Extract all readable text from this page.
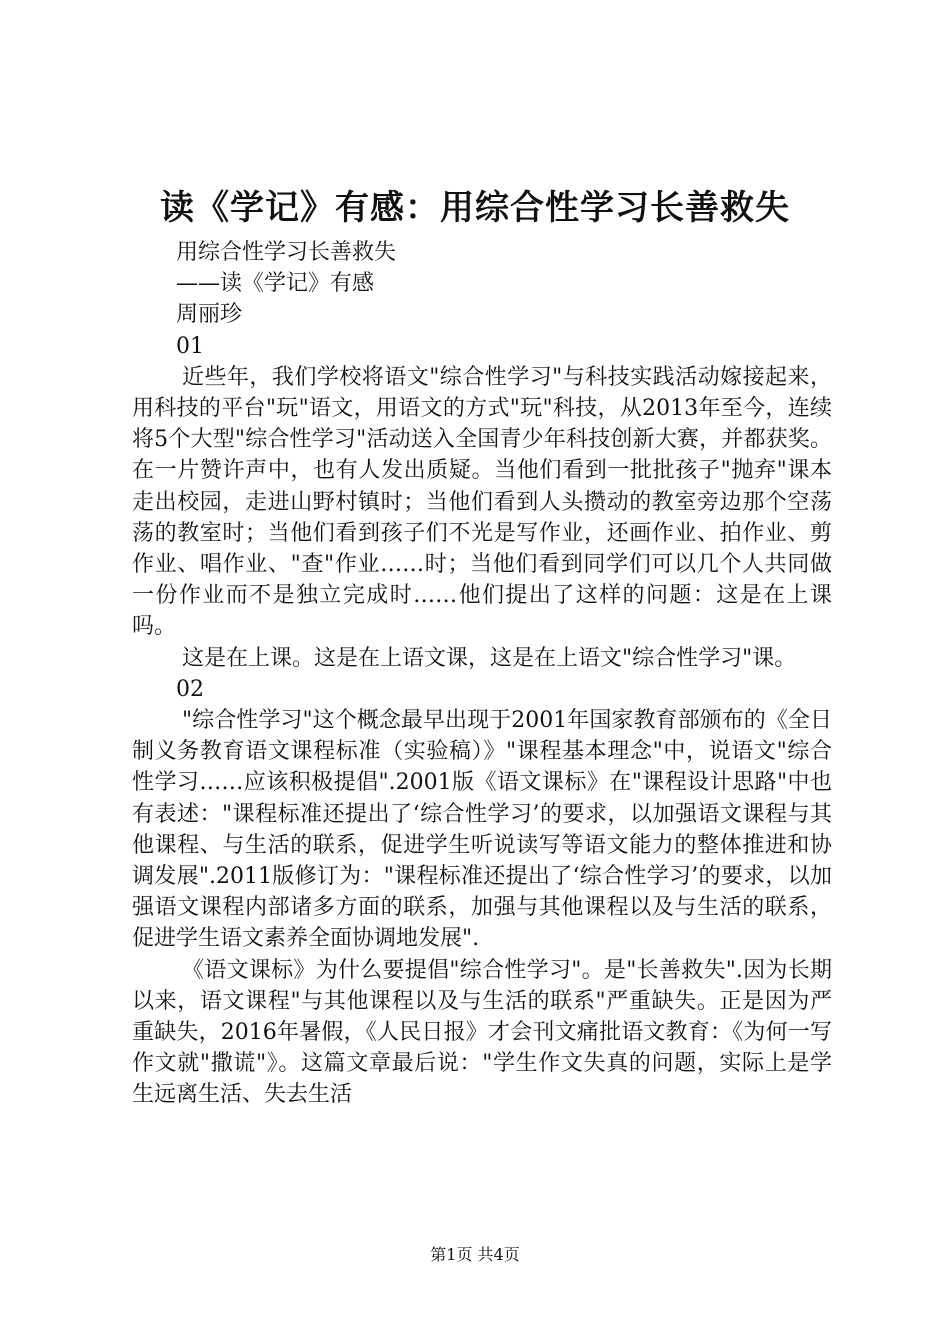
读《学记》有感：用综合性学习长善救失
用综合性学习长善救失
——读《学记》有感
周丽珍
01
近些年，我们学校将语文"综合性学习"与科技实践活动嫁接起来，用科技的平台"玩"语文，用语文的方式"玩"科技，从2013年至今，连续将5个大型"综合性学习"活动送入全国青少年科技创新大赛，并都获奖。在一片赞许声中，也有人发出质疑。当他们看到一批批孩子"抛弃"课本走出校园，走进山野村镇时；当他们看到人头攒动的教室旁边那个空荡荡的教室时；当他们看到孩子们不光是写作业，还画作业、拍作业、剪作业、唱作业、"查"作业……时；当他们看到同学们可以几个人共同做一份作业而不是独立完成时……他们提出了这样的问题：这是在上课吗。
这是在上课。这是在上语文课，这是在上语文"综合性学习"课。
02
"综合性学习"这个概念最早出现于2001年国家教育部颁布的《全日制义务教育语文课程标准（实验稿）》"课程基本理念"中，说语文"综合性学习……应该积极提倡".2001版《语文课标》在"课程设计思路"中也有表述："课程标准还提出了‘综合性学习’的要求，以加强语文课程与其他课程、与生活的联系，促进学生听说读写等语文能力的整体推进和协调发展".2011版修订为："课程标准还提出了‘综合性学习’的要求，以加强语文课程内部诸多方面的联系，加强与其他课程以及与生活的联系，促进学生语文素养全面协调地发展".
《语文课标》为什么要提倡"综合性学习"。是"长善救失".因为长期以来，语文课程"与其他课程以及与生活的联系"严重缺失。正是因为严重缺失，2016年暑假，《人民日报》才会刊文痛批语文教育：《为何一写作文就"撒谎"》。这篇文章最后说："学生作文失真的问题，实际上是学生远离生活、失去生活
第1页 共4页
